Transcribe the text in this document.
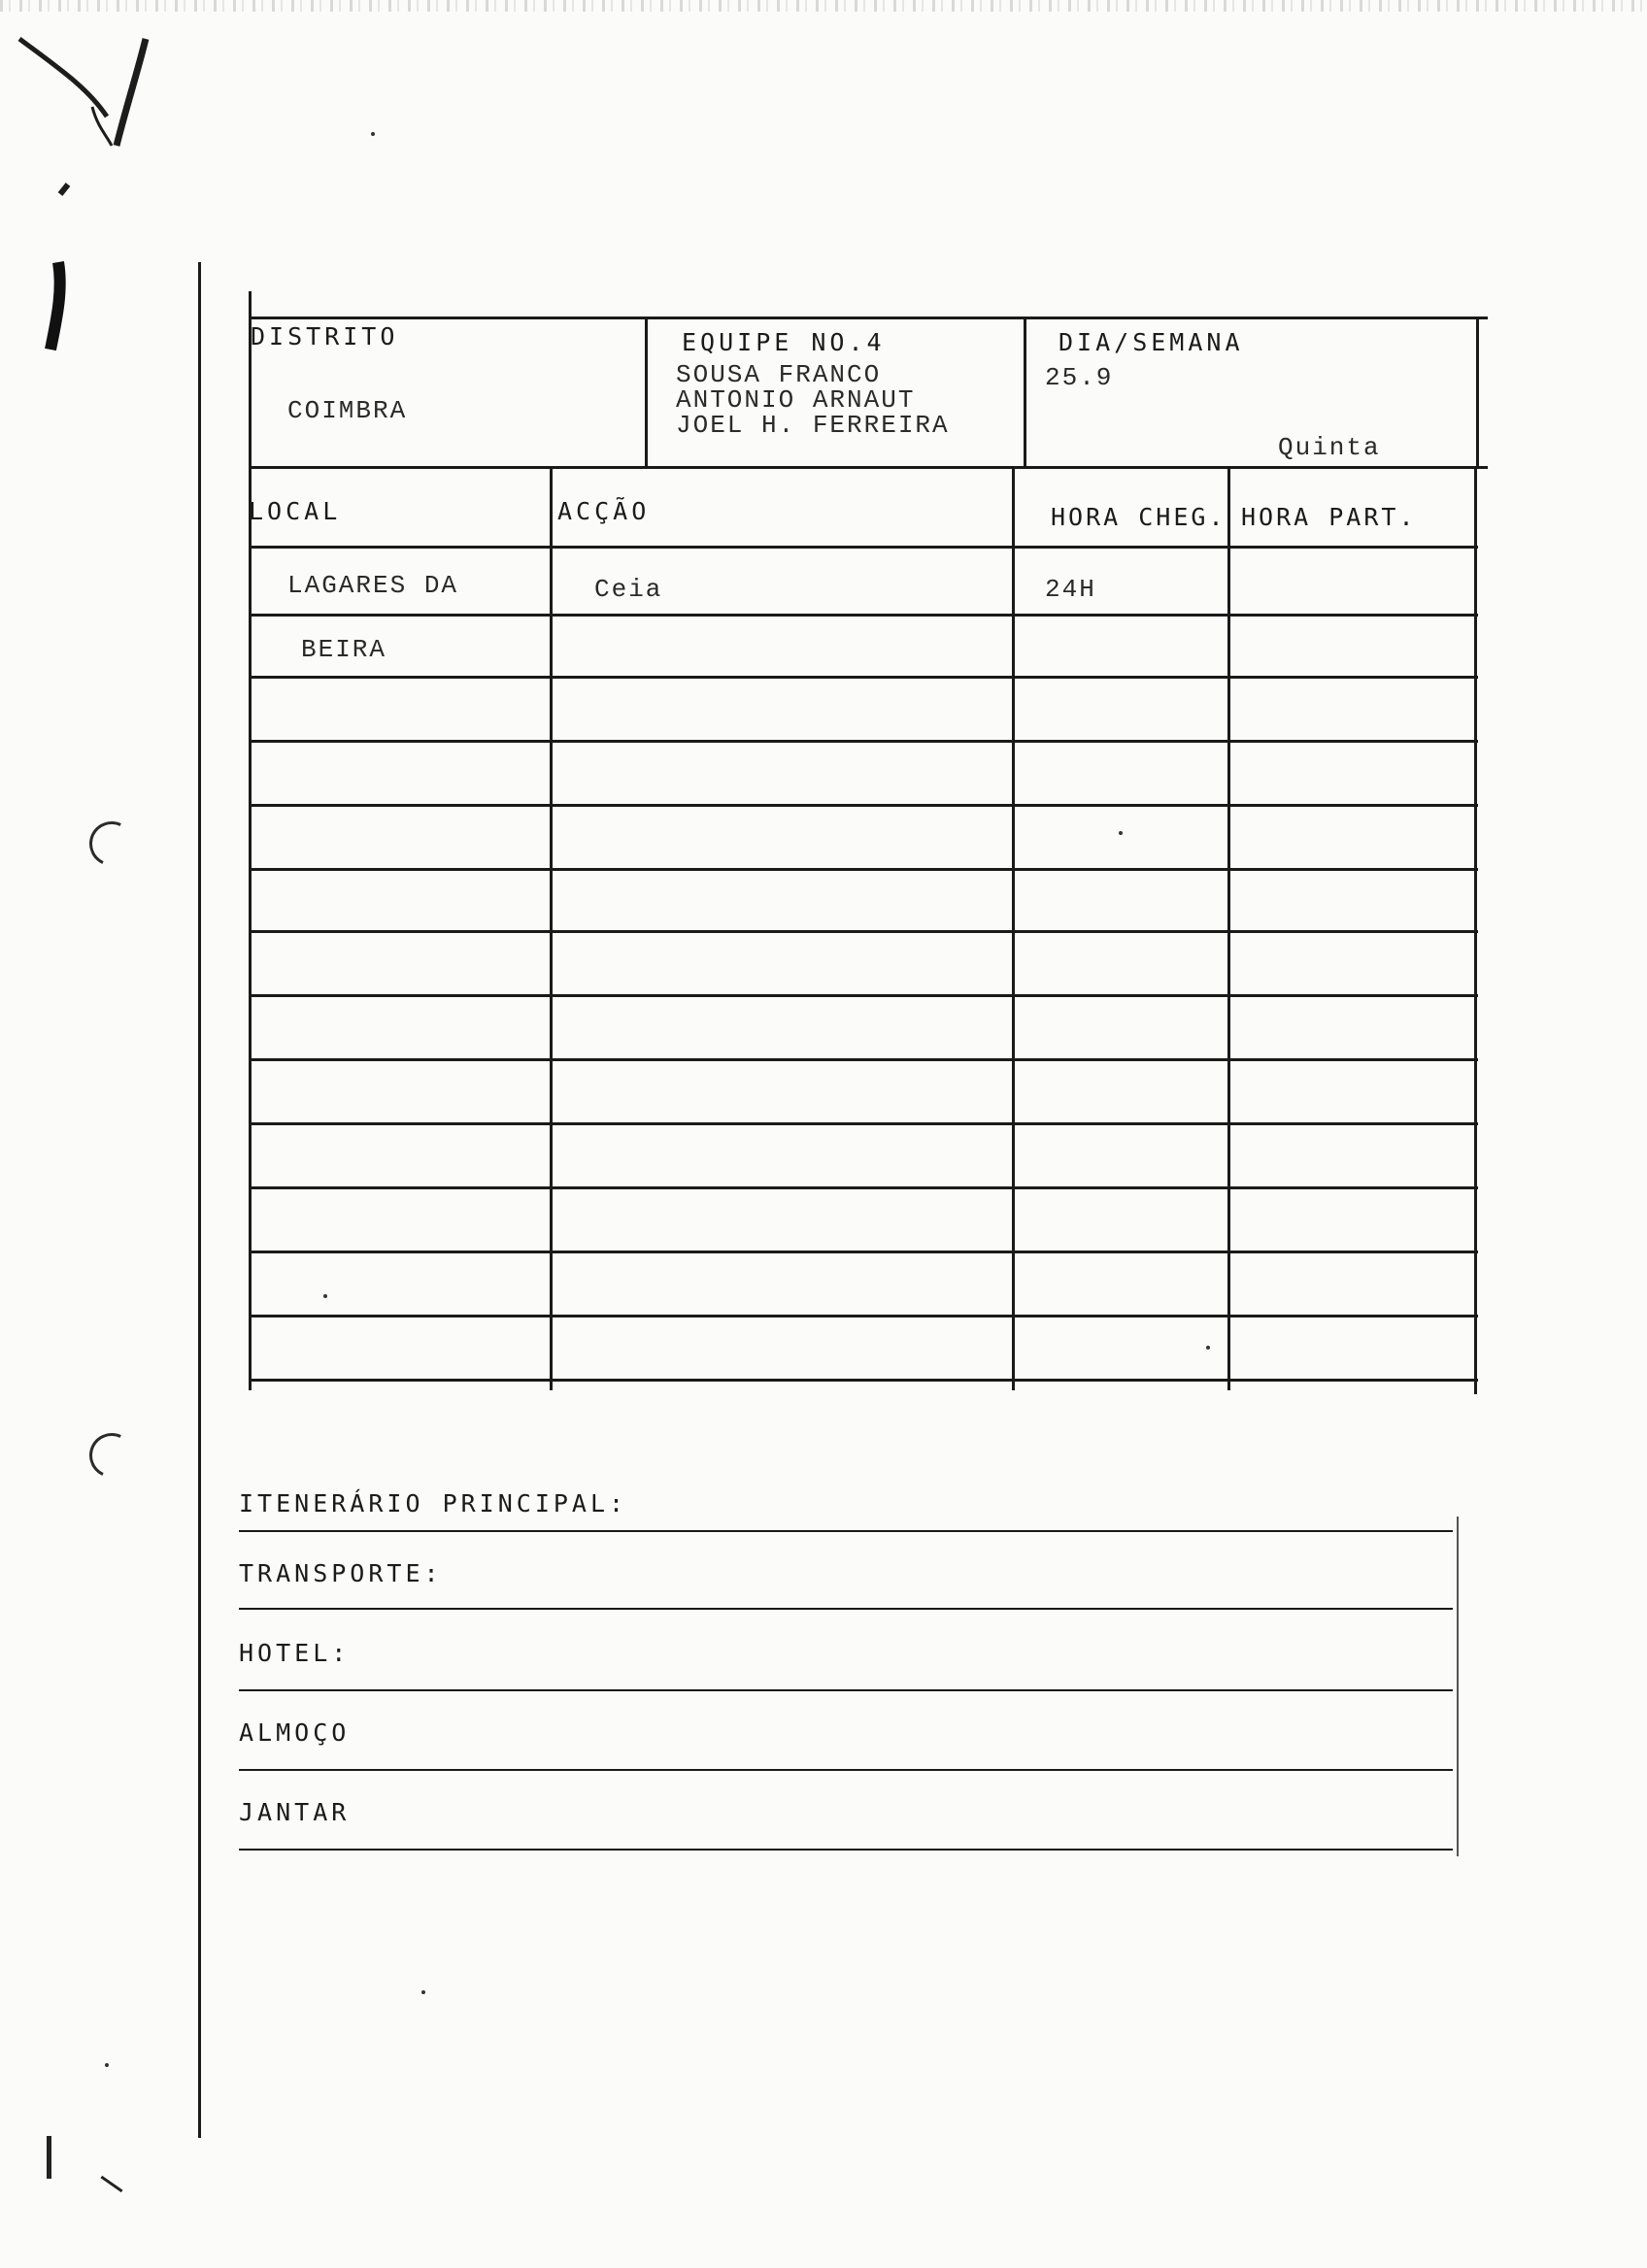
DISTRITO
COIMBRA
EQUIPE NO.4
SOUSA FRANCO
ANTONIO ARNAUT
JOEL H. FERREIRA
DIA/SEMANA
25.9
Quinta
LOCAL	ACÇÃO	HORA CHEG. HORA PART.
LAGARES DA	Ceia	24H
BEIRA
ITENERÁRIO PRINCIPAL:
TRANSPORTE:
HOTEL:
ALMOÇO
JANTAR
